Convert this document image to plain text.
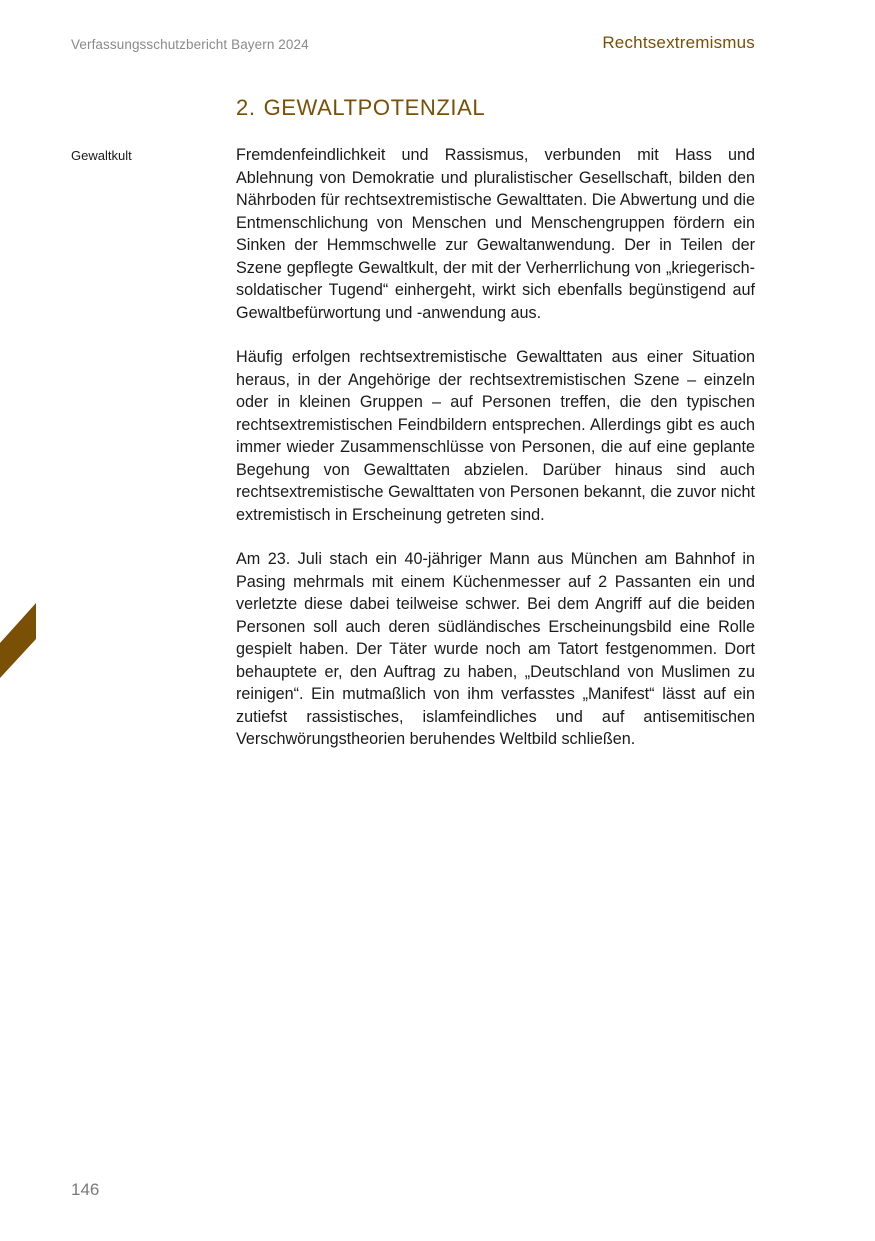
Verfassungsschutzbericht Bayern 2024	Rechtsextremismus
2. GEWALTPOTENZIAL
Gewaltkult	Fremdenfeindlichkeit und Rassismus, verbunden mit Hass und Ablehnung von Demokratie und pluralistischer Gesellschaft, bilden den Nährboden für rechtsextremistische Gewalttaten. Die Abwertung und die Entmenschlichung von Menschen und Menschengruppen fördern ein Sinken der Hemmschwelle zur Gewaltanwendung. Der in Teilen der Szene gepflegte Gewaltkult, der mit der Verherrlichung von „kriegerisch-soldatischer Tugend“ einhergeht, wirkt sich ebenfalls begünstigend auf Gewaltbefürwortung und -anwendung aus.

Häufig erfolgen rechtsextremistische Gewalttaten aus einer Situation heraus, in der Angehörige der rechtsextremistischen Szene – einzeln oder in kleinen Gruppen – auf Personen treffen, die den typischen rechtsextremistischen Feindbildern entsprechen. Allerdings gibt es auch immer wieder Zusammenschlüsse von Personen, die auf eine geplante Begehung von Gewalttaten abzielen. Darüber hinaus sind auch rechtsextremistische Gewalttaten von Personen bekannt, die zuvor nicht extremistisch in Erscheinung getreten sind.

Am 23. Juli stach ein 40-jähriger Mann aus München am Bahnhof in Pasing mehrmals mit einem Küchenmesser auf 2 Passanten ein und verletzte diese dabei teilweise schwer. Bei dem Angriff auf die beiden Personen soll auch deren südländisches Erscheinungsbild eine Rolle gespielt haben. Der Täter wurde noch am Tatort festgenommen. Dort behauptete er, den Auftrag zu haben, „Deutschland von Muslimen zu reinigen“. Ein mutmaßlich von ihm verfasstes „Manifest“ lässt auf ein zutiefst rassistisches, islamfeindliches und auf antisemitischen Verschwörungstheorien beruhendes Weltbild schließen.

146
